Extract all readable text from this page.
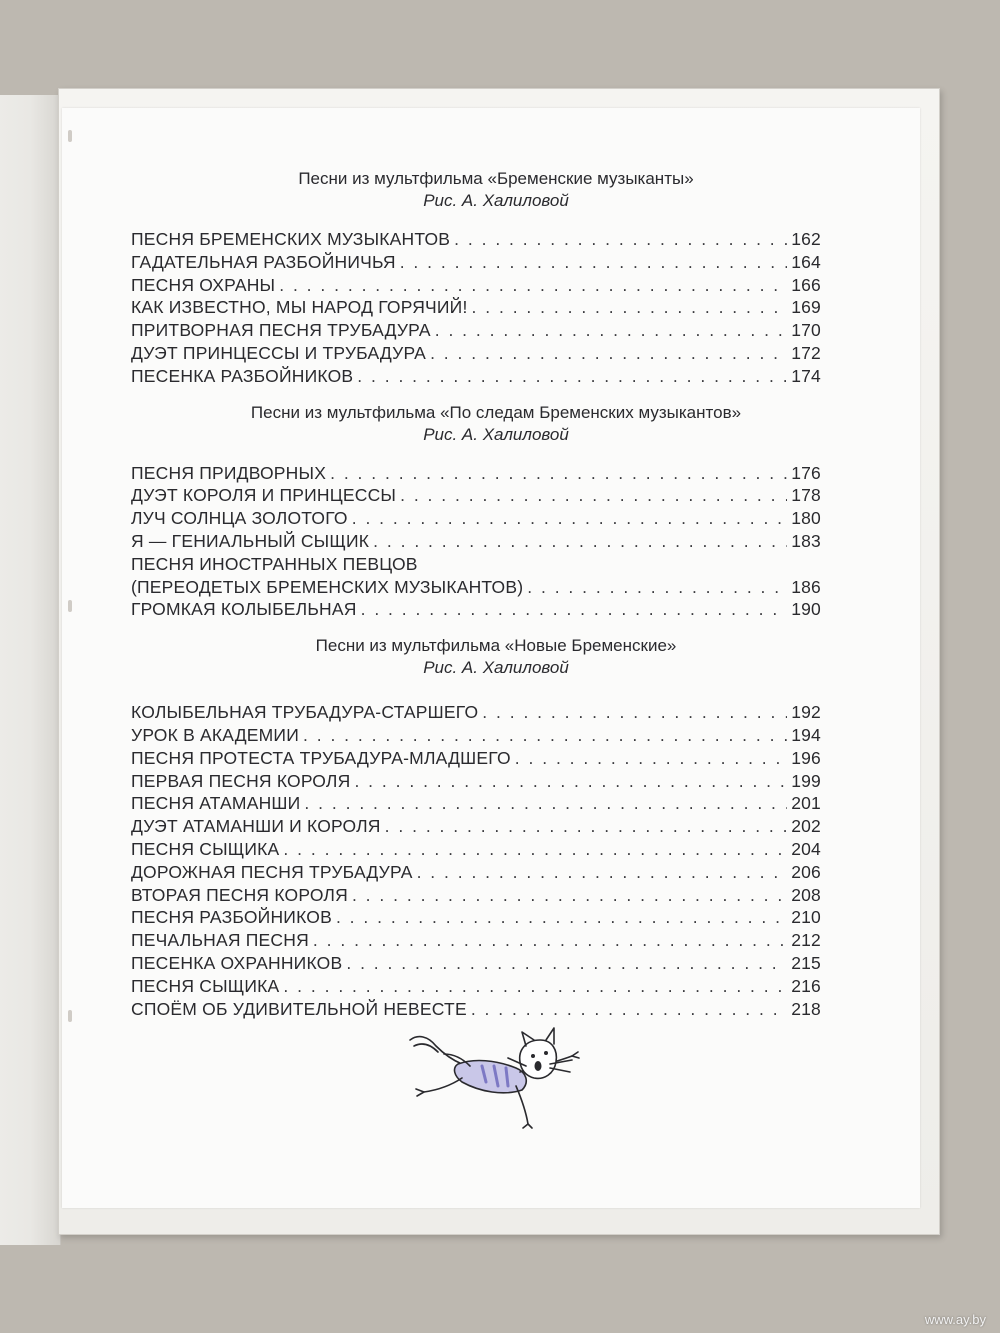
Песни из мультфильма «Бременские музыканты»
Рис. А. Халиловой
ПЕСНЯ БРЕМЕНСКИХ МУЗЫКАНТОВ . . .	162
ГАДАТЕЛЬНАЯ РАЗБОЙНИЧЬЯ . . .	164
ПЕСНЯ ОХРАНЫ . . .	166
КАК ИЗВЕСТНО, МЫ НАРОД ГОРЯЧИЙ! . . .	169
ПРИТВОРНАЯ ПЕСНЯ ТРУБАДУРА . . .	170
ДУЭТ ПРИНЦЕССЫ И ТРУБАДУРА . . .	172
ПЕСЕНКА РАЗБОЙНИКОВ . . .	174
Песни из мультфильма «По следам Бременских музыкантов»
Рис. А. Халиловой
ПЕСНЯ ПРИДВОРНЫХ . . .	176
ДУЭТ КОРОЛЯ И ПРИНЦЕССЫ . . .	178
ЛУЧ СОЛНЦА ЗОЛОТОГО . . .	180
Я — ГЕНИАЛЬНЫЙ СЫЩИК . . .	183
ПЕСНЯ ИНОСТРАННЫХ ПЕВЦОВ
(ПЕРЕОДЕТЫХ БРЕМЕНСКИХ МУЗЫКАНТОВ) . . .	186
ГРОМКАЯ КОЛЫБЕЛЬНАЯ . . .	190
Песни из мультфильма «Новые Бременские»
Рис. А. Халиловой
КОЛЫБЕЛЬНАЯ ТРУБАДУРА-СТАРШЕГО . . .	192
УРОК В АКАДЕМИИ . . .	194
ПЕСНЯ ПРОТЕСТА ТРУБАДУРА-МЛАДШЕГО . . .	196
ПЕРВАЯ ПЕСНЯ КОРОЛЯ . . .	199
ПЕСНЯ АТАМАНШИ . . .	201
ДУЭТ АТАМАНШИ И КОРОЛЯ . . .	202
ПЕСНЯ СЫЩИКА . . .	204
ДОРОЖНАЯ ПЕСНЯ ТРУБАДУРА . . .	206
ВТОРАЯ ПЕСНЯ КОРОЛЯ . . .	208
ПЕСНЯ РАЗБОЙНИКОВ . . .	210
ПЕЧАЛЬНАЯ ПЕСНЯ . . .	212
ПЕСЕНКА ОХРАННИКОВ . . .	215
ПЕСНЯ СЫЩИКА . . .	216
СПОЁМ ОБ УДИВИТЕЛЬНОЙ НЕВЕСТЕ . . .	218
www.ay.by
